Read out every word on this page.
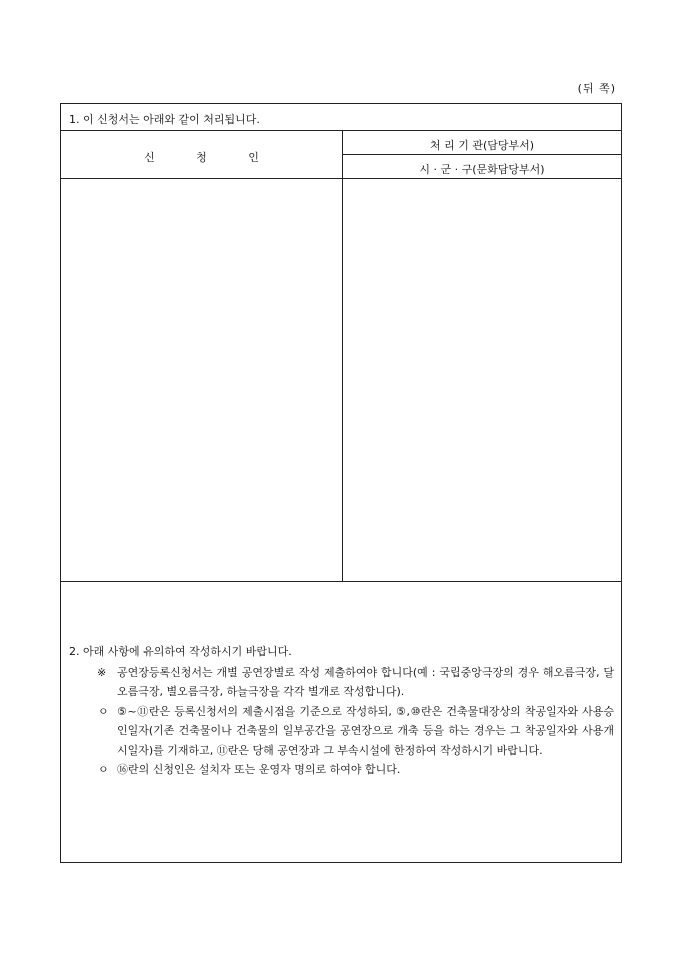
(뒤 쪽)
1. 이 신청서는 아래와 같이 처리됩니다.
신 청 인
처 리 기 관(담당부서)
시 · 군 · 구(문화담당부서)
2. 아래 사항에 유의하여 작성하시기 바랍니다.
※ 공연장등록신청서는 개별 공연장별로 작성 제출하여야 합니다(예 : 국립중앙극장의 경우 해오름극장, 달오름극장, 별오름극장, 하늘극장을 각각 별개로 작성합니다).
ㅇ ⑤~⑪란은 등록신청서의 제출시점을 기준으로 작성하되, ⑤,⑩란은 건축물대장상의 착공일자와 사용승인일자(기존 건축물이나 건축물의 일부공간을 공연장으로 개축 등을 하는 경우는 그 착공일자와 사용개시일자)를 기재하고, ⑪란은 당해 공연장과 그 부속시설에 한정하여 작성하시기 바랍니다.
ㅇ ⑯란의 신청인은 설치자 또는 운영자 명의로 하여야 합니다.
